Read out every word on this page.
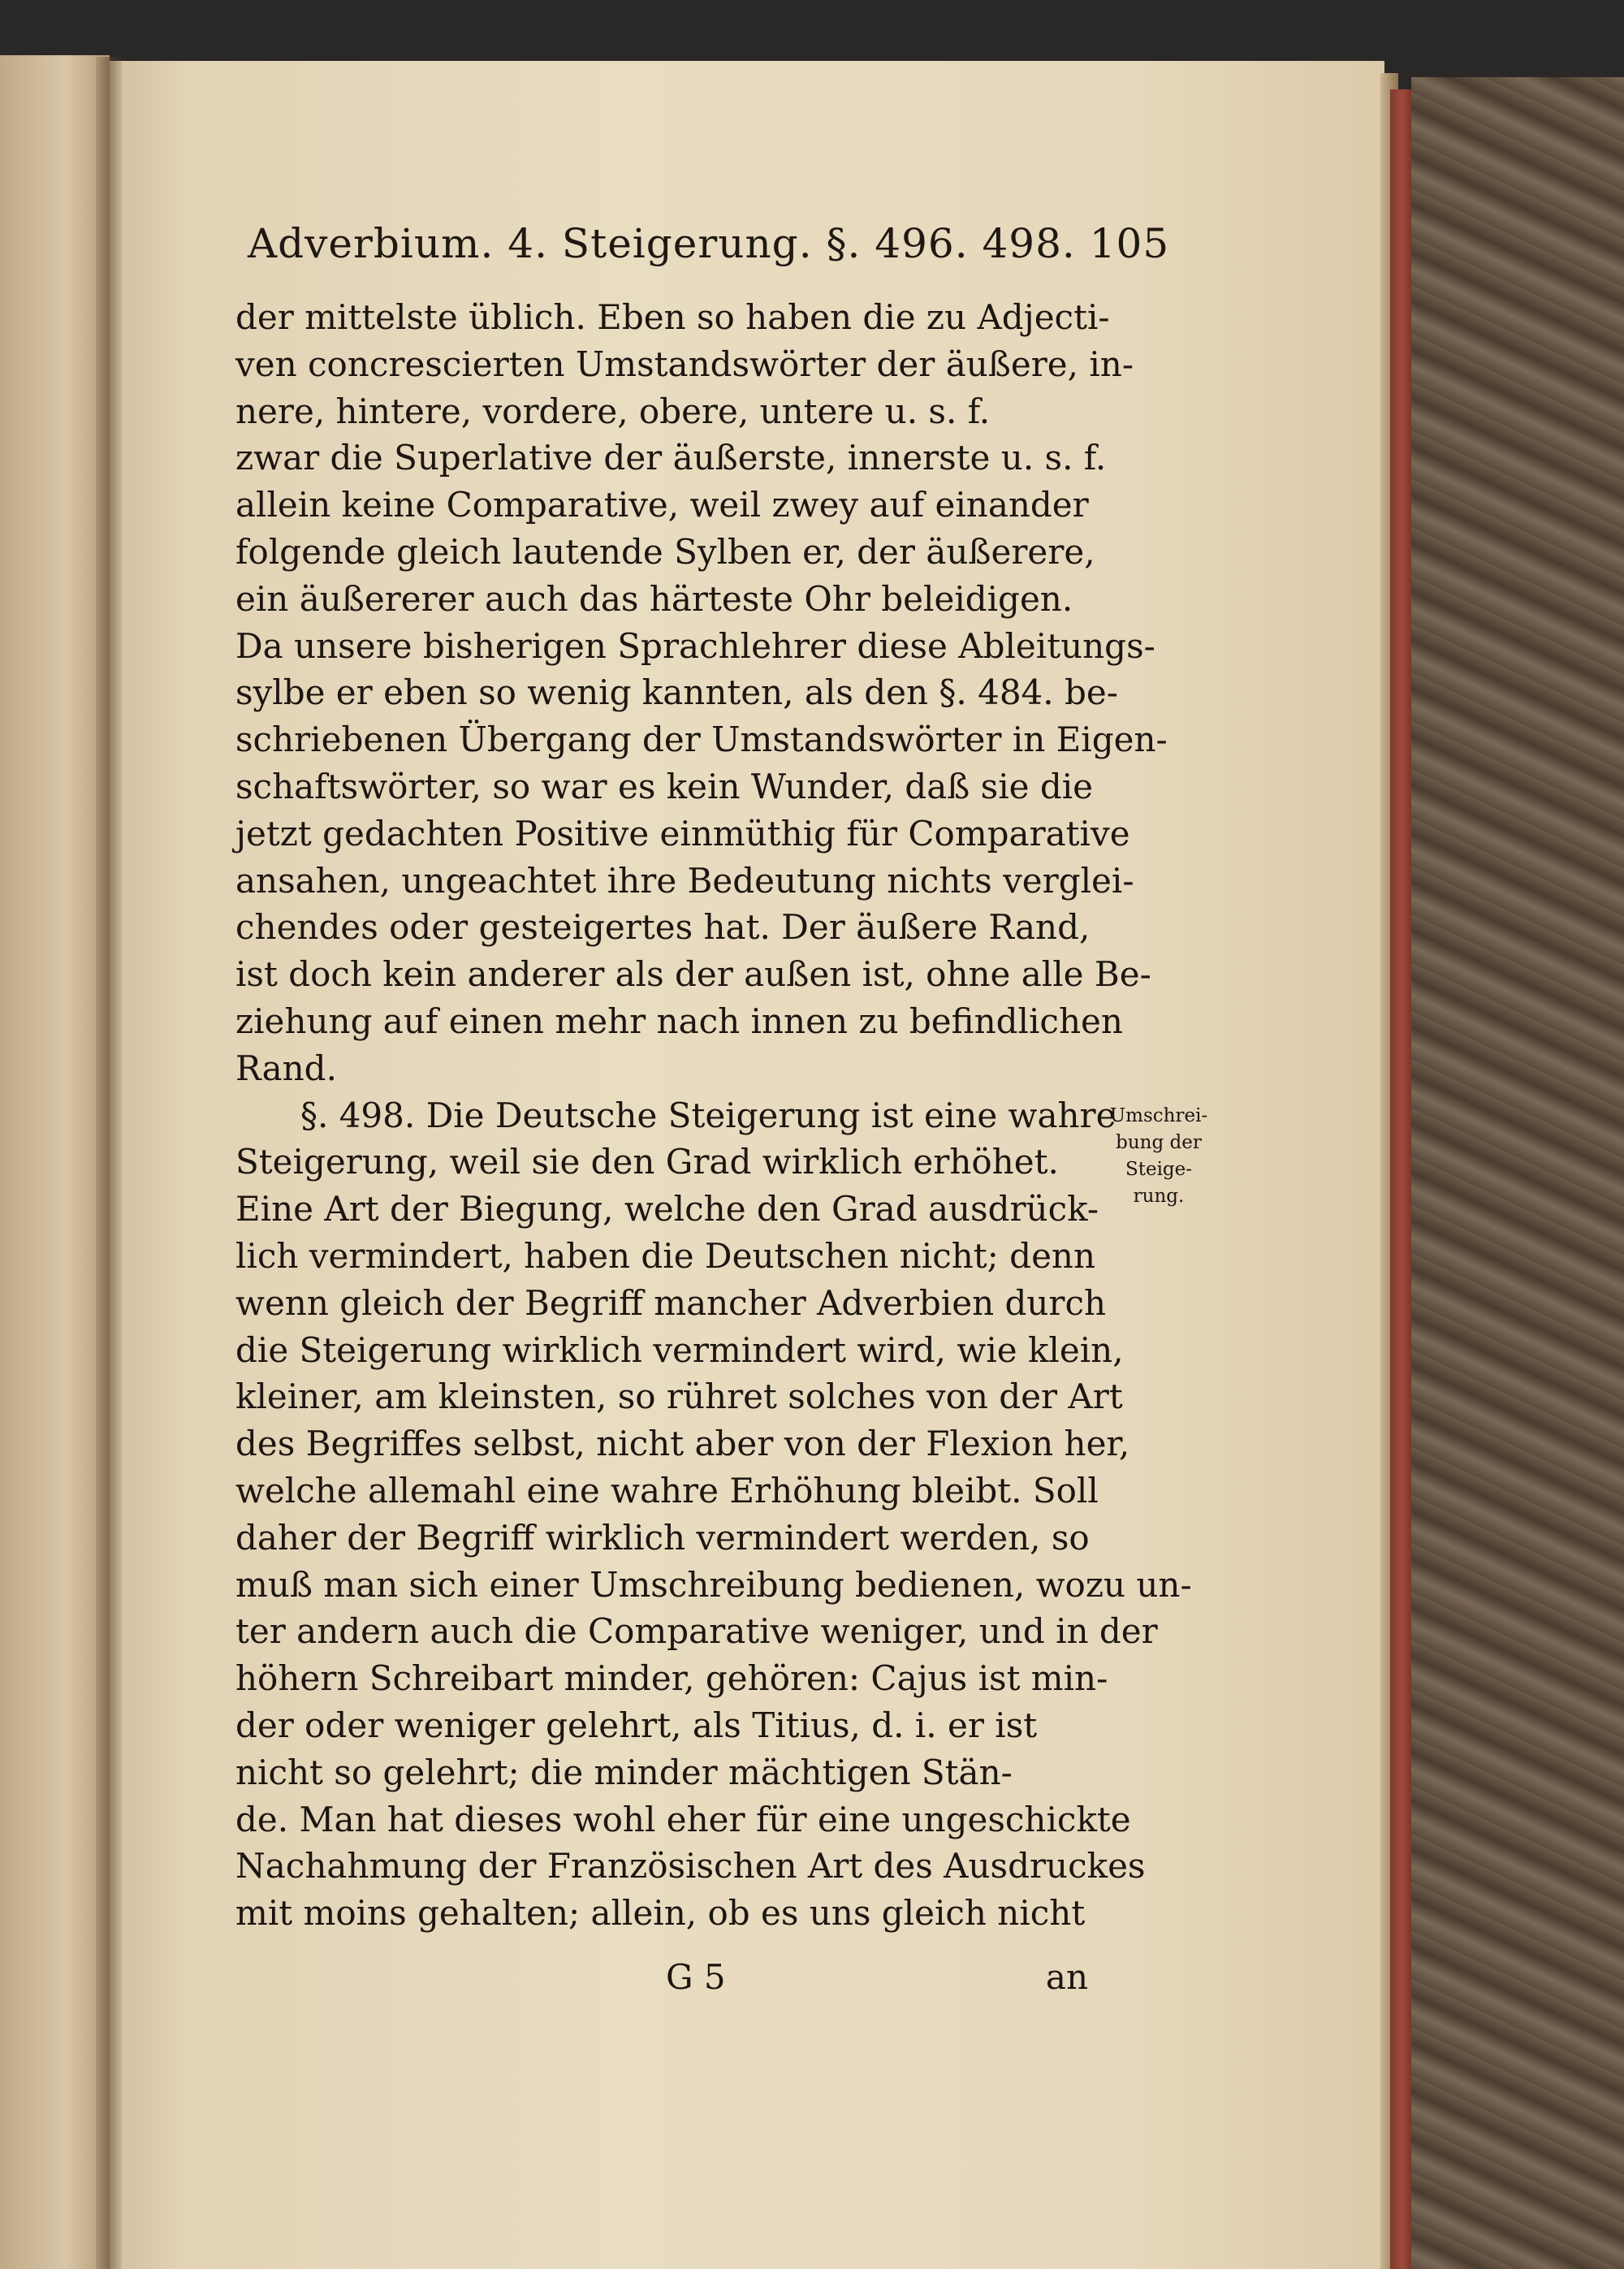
Adverbium. 4. Steigerung. §. 496. 498. 105
der mittelste üblich. Eben so haben die zu Adjecti-
ven concrescierten Umstandswörter der äußere, in-
nere, hintere, vordere, obere, untere u. s. f.
zwar die Superlative der äußerste, innerste u. s. f.
allein keine Comparative, weil zwey auf einander
folgende gleich lautende Sylben er, der äußerere,
ein äußererer auch das härteste Ohr beleidigen.
Da unsere bisherigen Sprachlehrer diese Ableitungs-
sylbe er eben so wenig kannten, als den §. 484. be-
schriebenen Übergang der Umstandswörter in Eigen-
schaftswörter, so war es kein Wunder, daß sie die
jetzt gedachten Positive einmüthig für Comparative
ansahen, ungeachtet ihre Bedeutung nichts verglei-
chendes oder gesteigertes hat. Der äußere Rand,
ist doch kein anderer als der außen ist, ohne alle Be-
ziehung auf einen mehr nach innen zu befindlichen
Rand.
§. 498. Die Deutsche Steigerung ist eine wahre
Steigerung, weil sie den Grad wirklich erhöhet.
Eine Art der Biegung, welche den Grad ausdrück-
lich vermindert, haben die Deutschen nicht; denn
wenn gleich der Begriff mancher Adverbien durch
die Steigerung wirklich vermindert wird, wie klein,
kleiner, am kleinsten, so rühret solches von der Art
des Begriffes selbst, nicht aber von der Flexion her,
welche allemahl eine wahre Erhöhung bleibt. Soll
daher der Begriff wirklich vermindert werden, so
muß man sich einer Umschreibung bedienen, wozu un-
ter andern auch die Comparative weniger, und in der
höhern Schreibart minder, gehören: Cajus ist min-
der oder weniger gelehrt, als Titius, d. i. er ist
nicht so gelehrt; die minder mächtigen Stän-
de. Man hat dieses wohl eher für eine ungeschickte
Nachahmung der Französischen Art des Ausdruckes
mit moins gehalten; allein, ob es uns gleich nicht
Umschrei-
bung der
Steige-
rung.
G 5	an
